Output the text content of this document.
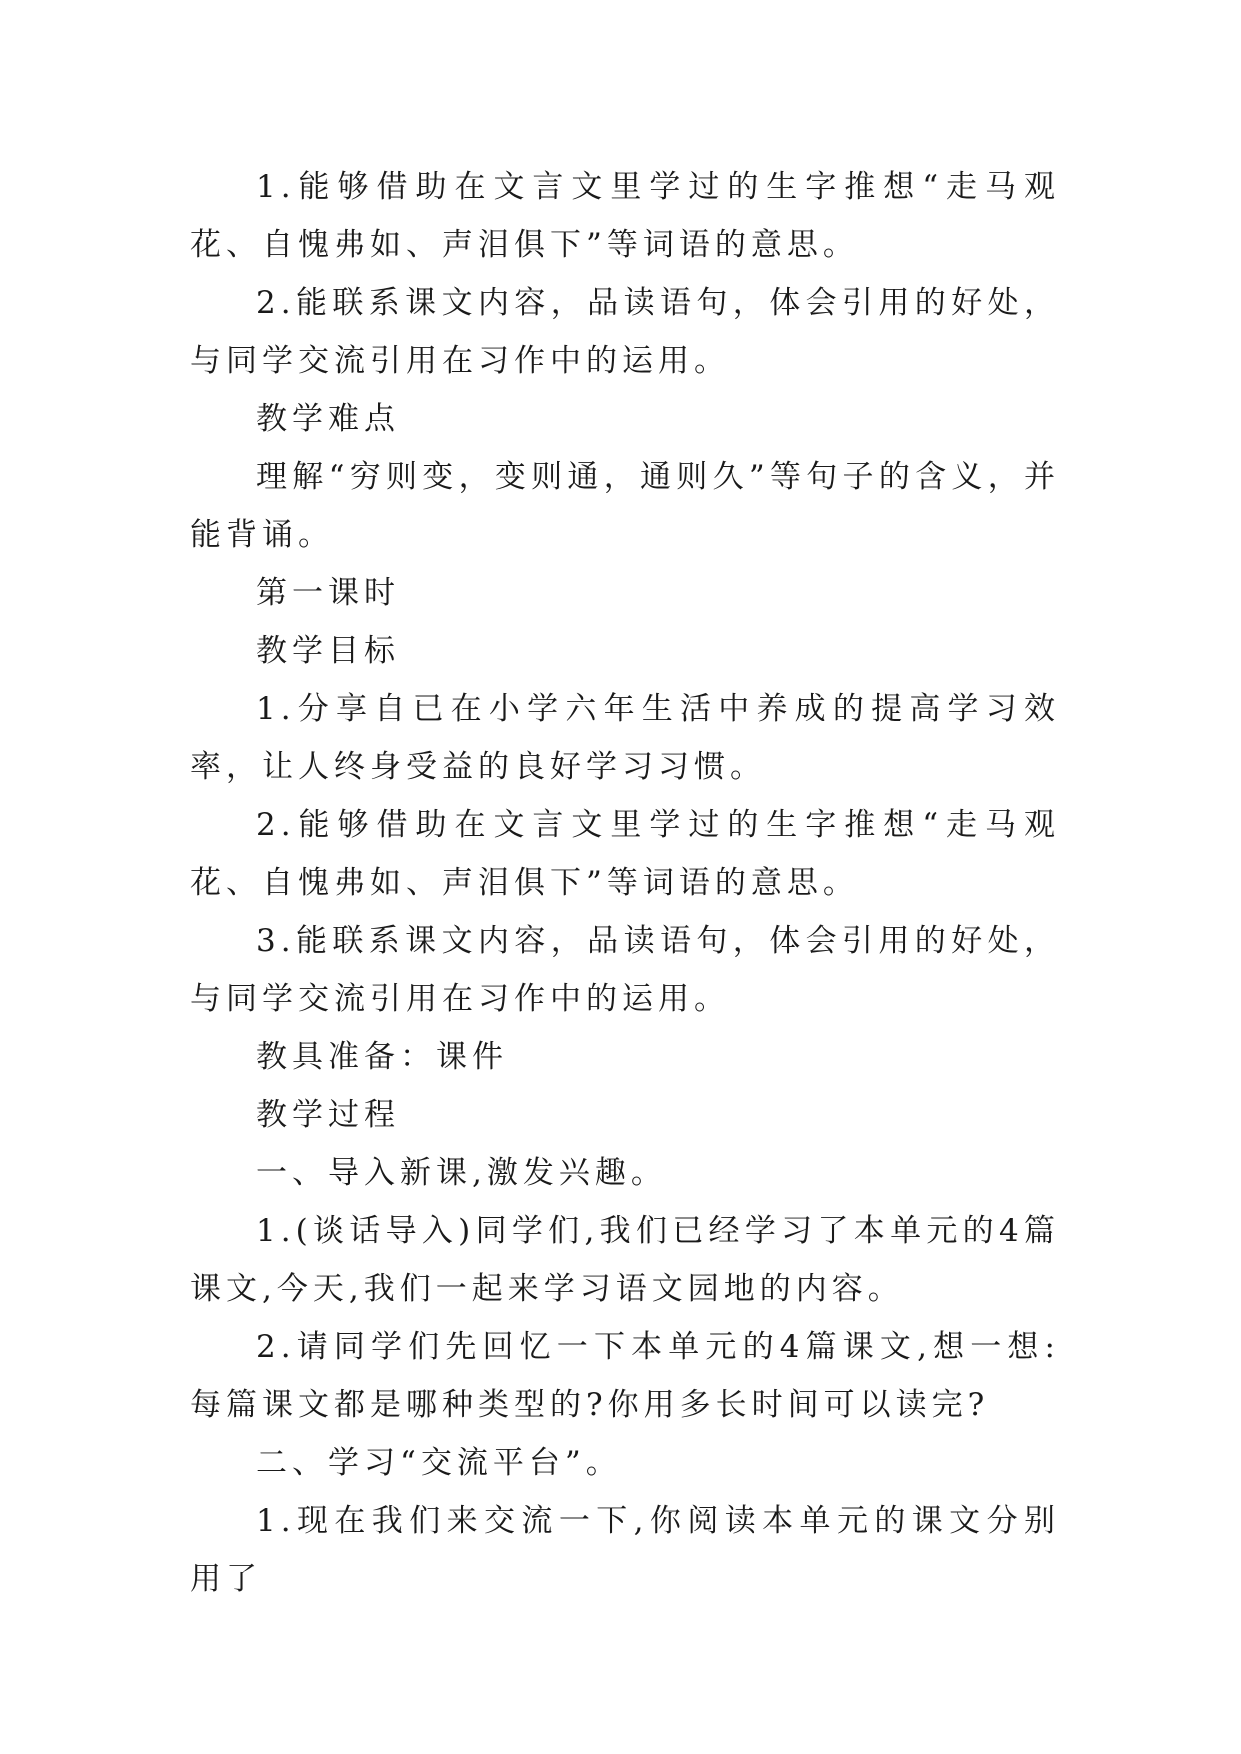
1.能够借助在文言文里学过的生字推想“走马观花、自愧弗如、声泪俱下”等词语的意思。

2.能联系课文内容，品读语句，体会引用的好处，与同学交流引用在习作中的运用。

教学难点

理解“穷则变，变则通，通则久”等句子的含义，并能背诵。

第一课时

教学目标

1.分享自已在小学六年生活中养成的提高学习效率，让人终身受益的良好学习习惯。

2.能够借助在文言文里学过的生字推想“走马观花、自愧弗如、声泪俱下”等词语的意思。

3.能联系课文内容，品读语句，体会引用的好处，与同学交流引用在习作中的运用。

教具准备：课件

教学过程

一、导入新课,激发兴趣。

1.(谈话导入)同学们,我们已经学习了本单元的4篇课文,今天,我们一起来学习语文园地的内容。

2.请同学们先回忆一下本单元的4篇课文,想一想:每篇课文都是哪种类型的?你用多长时间可以读完?

二、学习“交流平台”。

1.现在我们来交流一下,你阅读本单元的课文分别用了
